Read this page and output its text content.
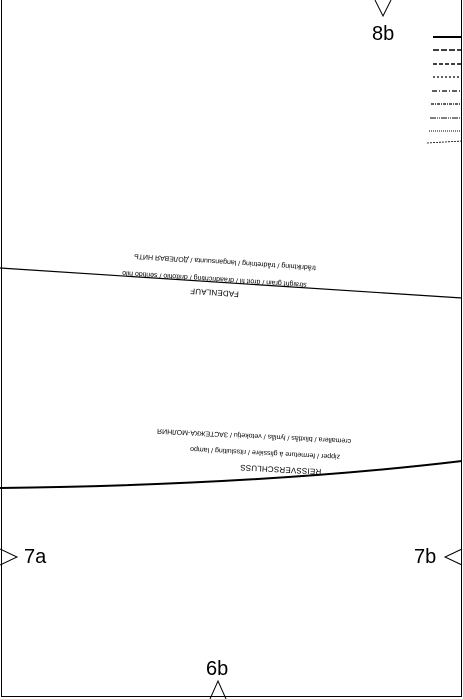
8b
7a	7b
6b
FADENLAUF
straight grain / droit fil / draadrichting / drittofilo / sentido hilo
trådriktning / trådretning / langansuunta / ДОЛЕВАЯ НИТЬ
REISSVERSCHLUSS
zipper / fermeture à glissière / ritssluiting / lampo
cremallera / blixtlås / lynlås / vetoketju / ЗАСТЕЖКА-МОЛНИЯ
